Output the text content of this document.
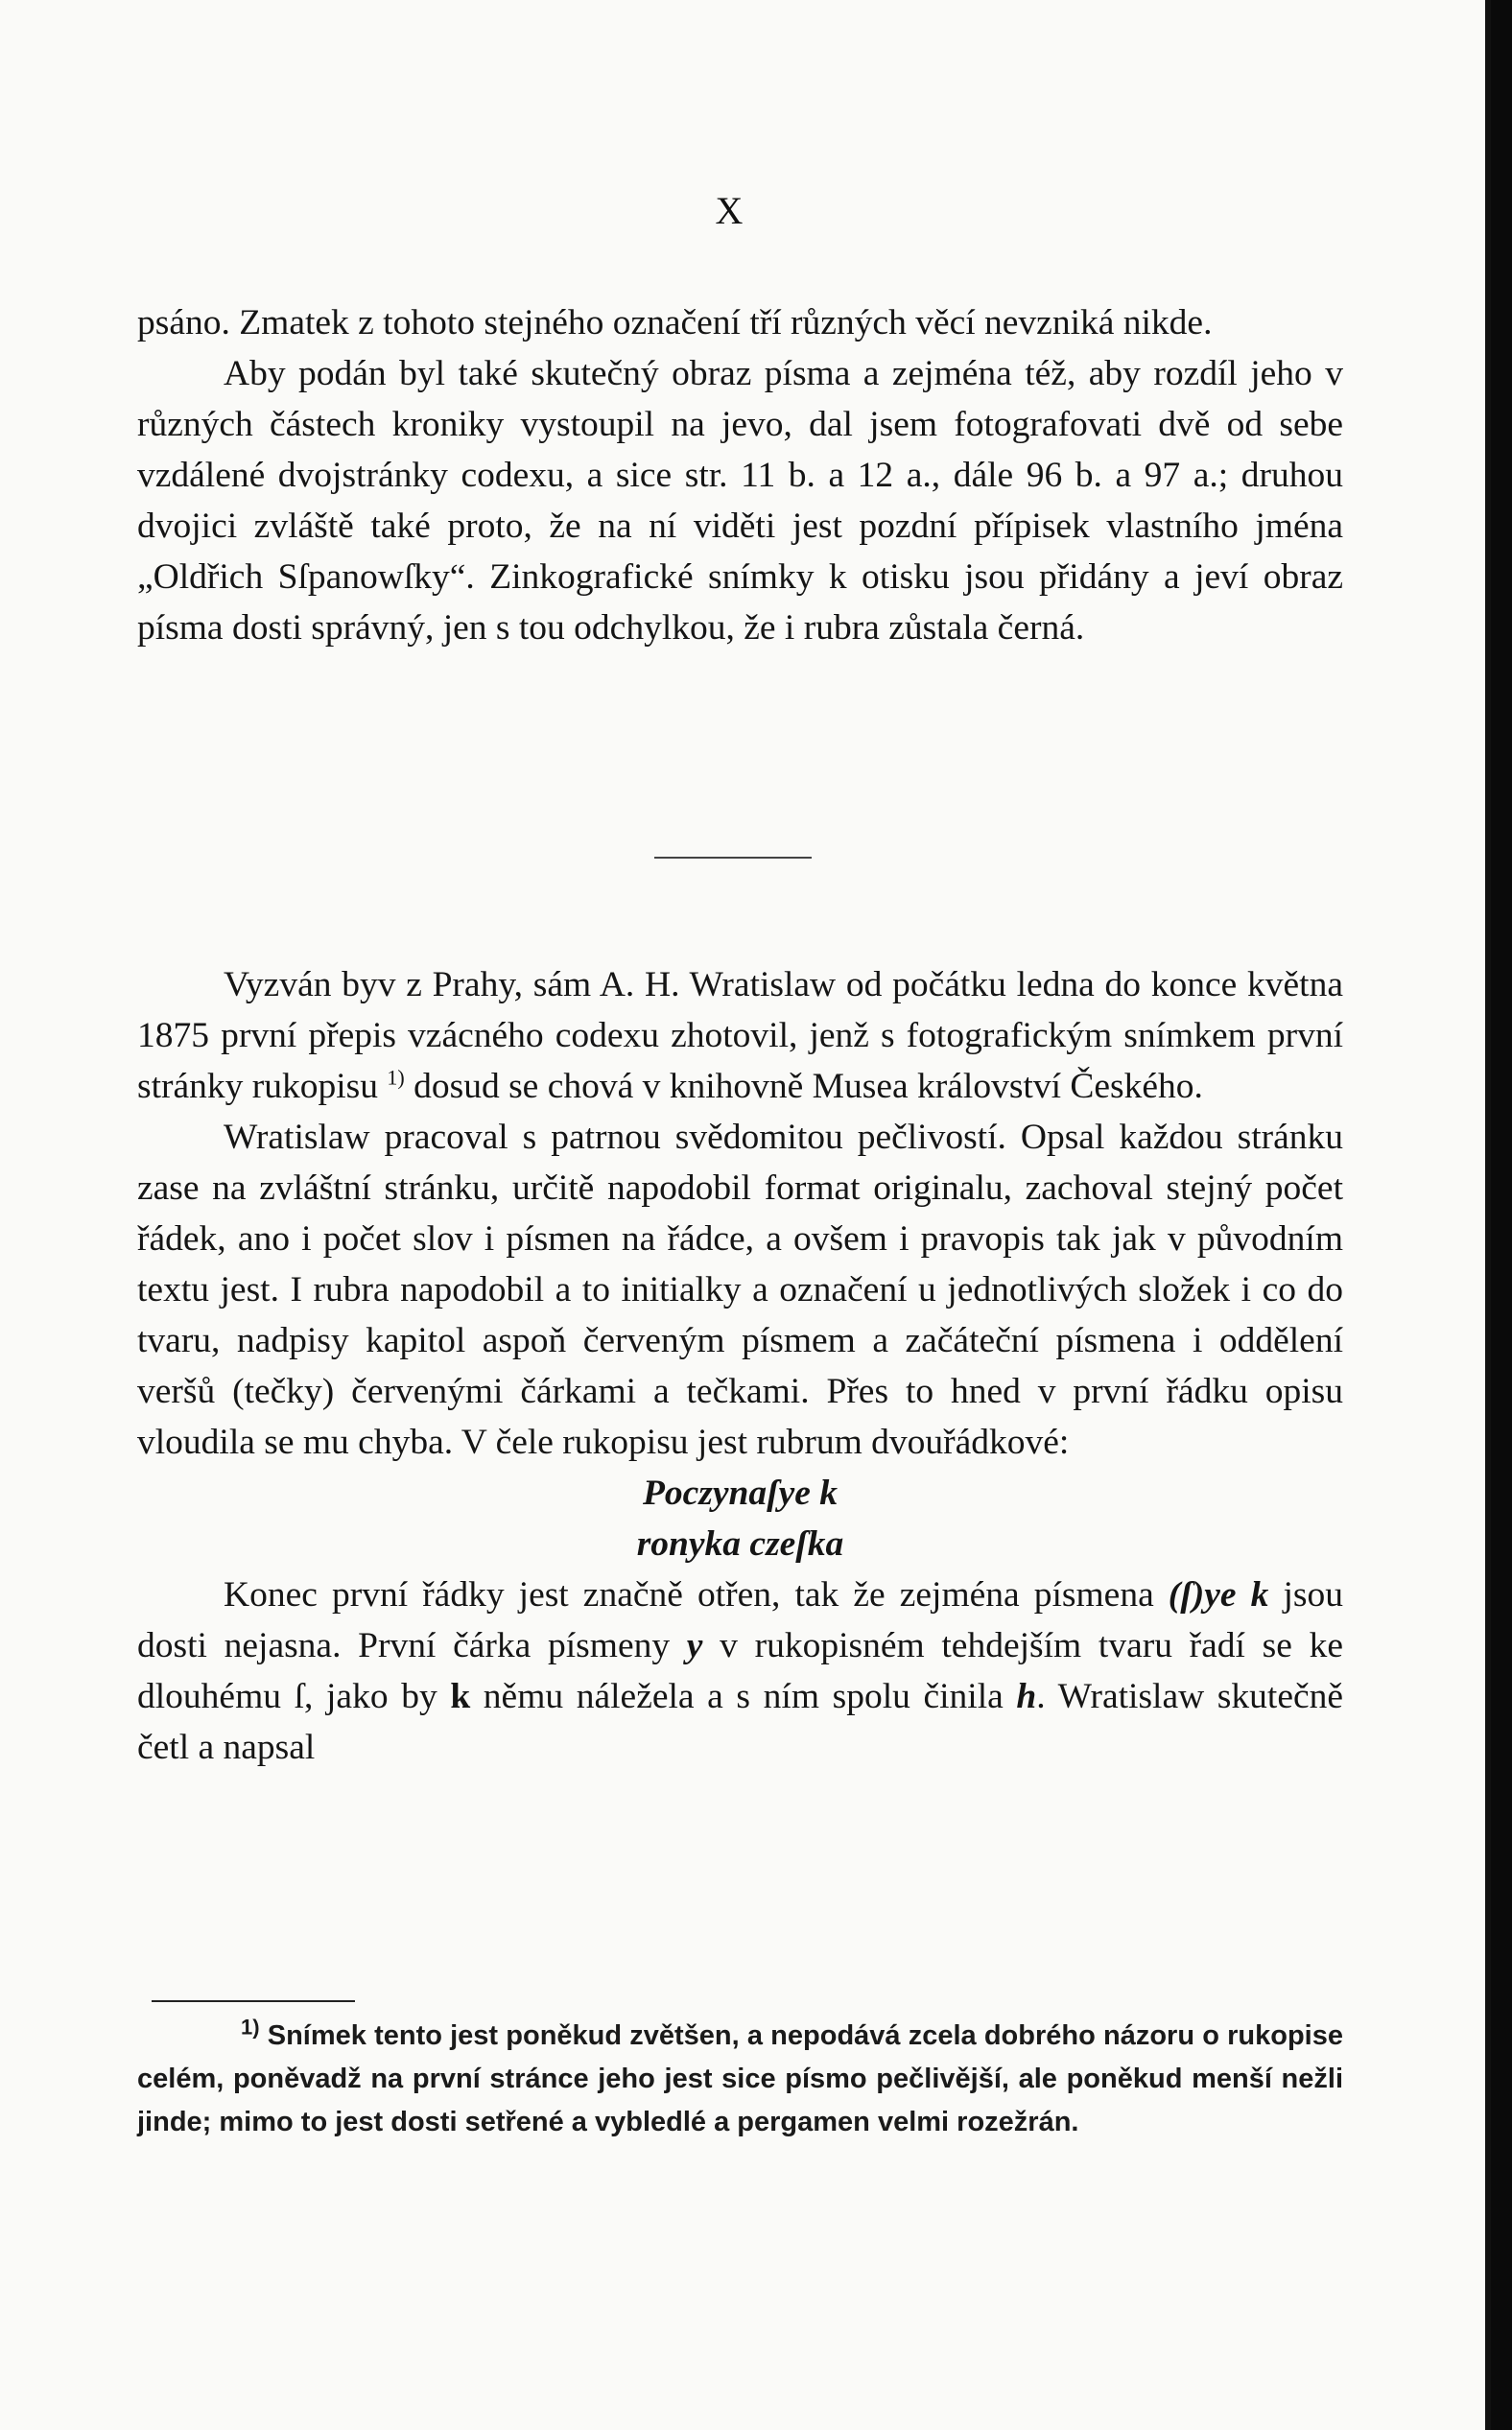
X

psáno. Zmatek z tohoto stejného označení tří různých věcí nevzniká nikde.

Aby podán byl také skutečný obraz písma a zejména též, aby rozdíl jeho v různých částech kroniky vystoupil na jevo, dal jsem fotografovati dvě od sebe vzdálené dvojstránky codexu, a sice str. 11 b. a 12 a., dále 96 b. a 97 a.; druhou dvojici zvláště také proto, že na ní viděti jest pozdní přípisek vlastního jména „Oldřich Sſpanowſky“. Zinkografické snímky k otisku jsou přidány a jeví obraz písma dosti správný, jen s tou odchylkou, že i rubra zůstala černá.

Vyzván byv z Prahy, sám A. H. Wratislaw od počátku ledna do konce května 1875 první přepis vzácného codexu zhotovil, jenž s fotografickým snímkem první stránky rukopisu $^{1)}$ dosud se chová v knihovně Musea království Českého.

Wratislaw pracoval s patrnou svědomitou pečlivostí. Opsal každou stránku zase na zvláštní stránku, určitě napodobil format originalu, zachoval stejný počet řádek, ano i počet slov i písmen na řádce, a ovšem i pravopis tak jak v původním textu jest. I rubra napodobil a to initialky a označení u jednotlivých složek i co do tvaru, nadpisy kapitol aspoň červeným písmem a začáteční písmena i oddělení veršů (tečky) červenými čárkami a tečkami. Přes to hned v první řádku opisu vloudila se mu chyba. V čele rukopisu jest rubrum dvouřádkové:

Poczynaſye k
ronyka czeſka

Konec první řádky jest značně otřen, tak že zejména písmena (ſ)ye k jsou dosti nejasna. První čárka písmeny y v rukopisném tehdejším tvaru řadí se ke dlouhému ſ, jako by k němu náležela a s ním spolu činila h. Wratislaw skutečně četl a napsal

$^{1)}$ Snímek tento jest poněkud zvětšen, a nepodává zcela dobrého názoru o rukopise celém, poněvadž na první stránce jeho jest sice písmo pečlivější, ale poněkud menší nežli jinde; mimo to jest dosti setřené a vybledlé a pergamen velmi rozežrán.
